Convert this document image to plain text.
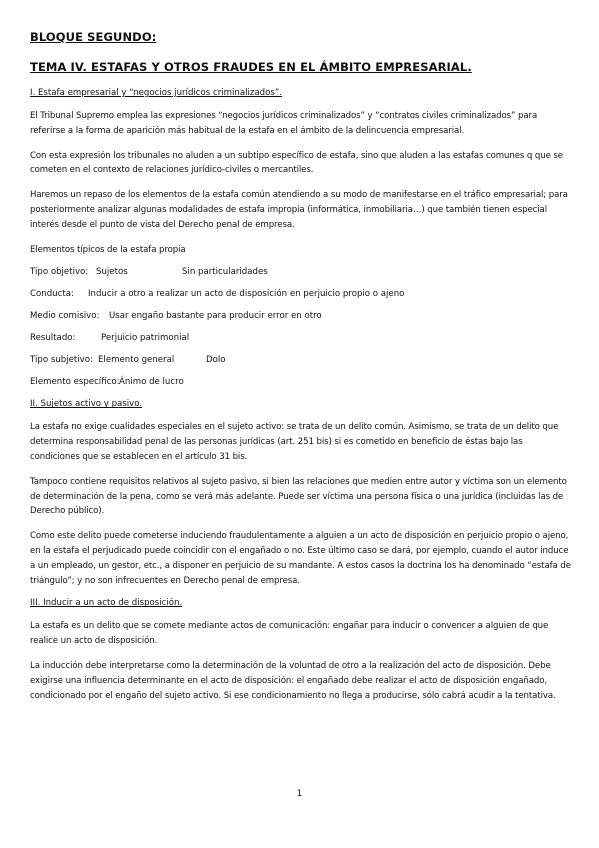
BLOQUE SEGUNDO:
TEMA IV. ESTAFAS Y OTROS FRAUDES EN EL ÁMBITO EMPRESARIAL.
I. Estafa empresarial y “negocios jurídicos criminalizados”.

El Tribunal Supremo emplea las expresiones “negocios jurídicos criminalizados” y “contratos civiles criminalizados” para referirse a la forma de aparición más habitual de la estafa en el ámbito de la delincuencia empresarial.

Con esta expresión los tribunales no aluden a un subtipo específico de estafa, sino que aluden a las estafas comunes q que se cometen en el contexto de relaciones jurídico-civiles o mercantiles.

Haremos un repaso de los elementos de la estafa común atendiendo a su modo de manifestarse en el tráfico empresarial; para posteriormente analizar algunas modalidades de estafa impropia (informática, inmobiliaria…) que también tienen especial interés desde el punto de vista del Derecho penal de empresa.

Elementos típicos de la estafa propia

Tipo objetivo: Sujetos	Sin particularidades
Conducta: Inducir a otro a realizar un acto de disposición en perjuicio propio o ajeno
Medio comisivo: Usar engaño bastante para producir error en otro
Resultado:	Perjuicio patrimonial
Tipo subjetivo: Elemento general	Dolo
Elemento específico:Ánimo de lucro
II. Sujetos activo y pasivo.

La estafa no exige cualidades especiales en el sujeto activo: se trata de un delito común. Asimismo, se trata de un delito que determina responsabilidad penal de las personas jurídicas (art. 251 bis) si es cometido en beneficio de éstas bajo las condiciones que se establecen en el artículo 31 bis.

Tampoco contiene requisitos relativos al sujeto pasivo, si bien las relaciones que medien entre autor y víctima son un elemento de determinación de la pena, como se verá más adelante. Puede ser víctima una persona física o una jurídica (incluidas las de Derecho público).

Como este delito puede cometerse induciendo fraudulentamente a alguien a un acto de disposición en perjuicio propio o ajeno, en la estafa el perjudicado puede coincidir con el engañado o no. Este último caso se dará, por ejemplo, cuando el autor induce a un empleado, un gestor, etc., a disponer en perjuicio de su mandante. A estos casos la doctrina los ha denominado “estafa de triángulo”; y no son infrecuentes en Derecho penal de empresa.

III. Inducir a un acto de disposición.

La estafa es un delito que se comete mediante actos de comunicación: engañar para inducir o convencer a alguien de que realice un acto de disposición.

La inducción debe interpretarse como la determinación de la voluntad de otro a la realización del acto de disposición. Debe exigirse una influencia determinante en el acto de disposición: el engañado debe realizar el acto de disposición engañado, condicionado por el engaño del sujeto activo. Si ese condicionamiento no llega a producirse, sólo cabrá acudir a la tentativa.

1
